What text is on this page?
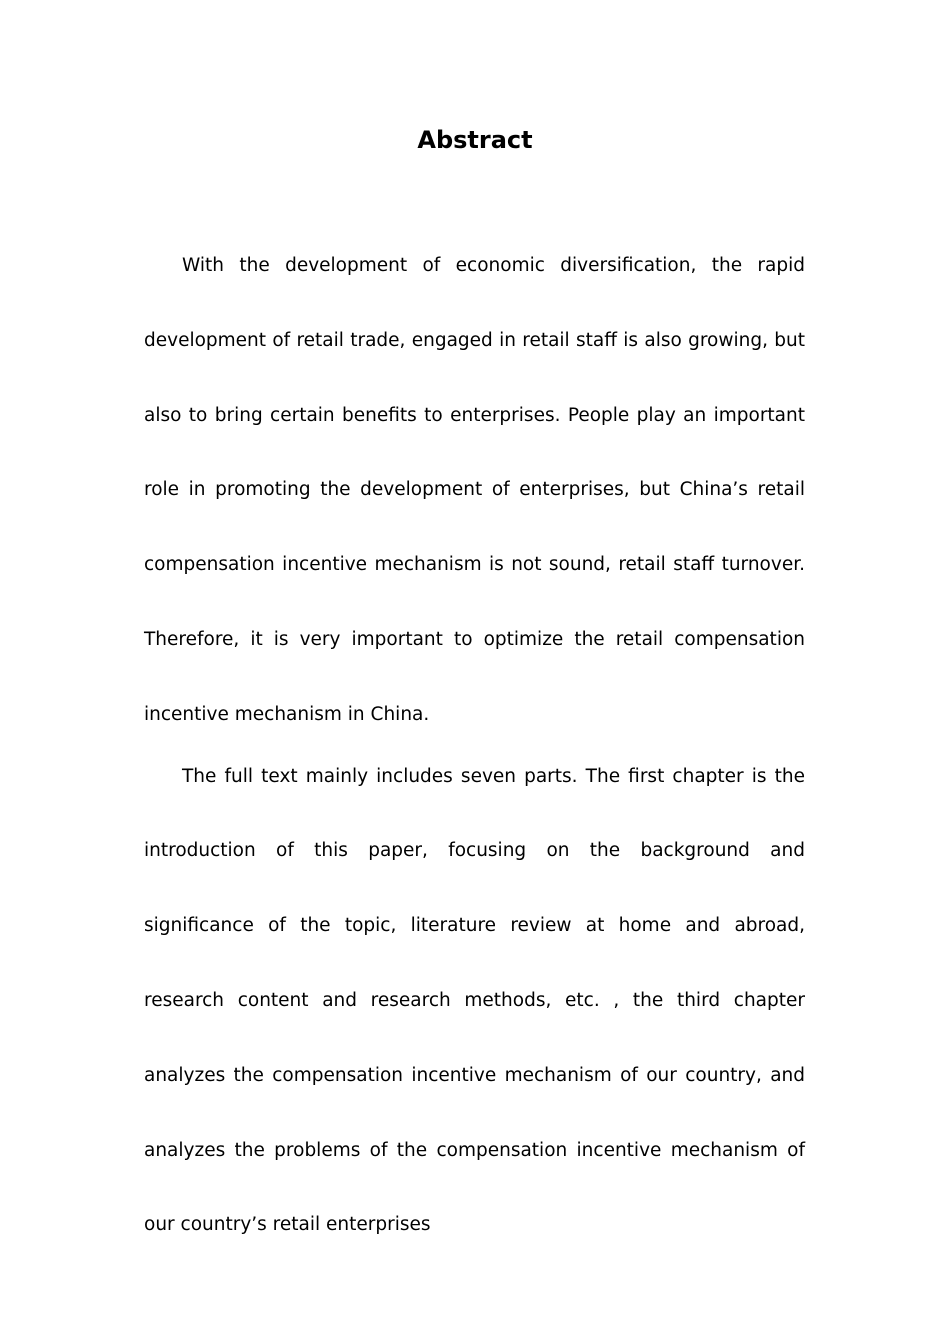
Abstract

With the development of economic diversification, the rapid development of retail trade, engaged in retail staff is also growing, but also to bring certain benefits to enterprises. People play an important role in promoting the development of enterprises, but China’s retail compensation incentive mechanism is not sound, retail staff turnover. Therefore, it is very important to optimize the retail compensation incentive mechanism in China.

The full text mainly includes seven parts. The first chapter is the introduction of this paper, focusing on the background and significance of the topic, literature review at home and abroad, research content and research methods, etc. , the third chapter analyzes the compensation incentive mechanism of our country, and analyzes the problems of the compensation incentive mechanism of our country’s retail enterprises
